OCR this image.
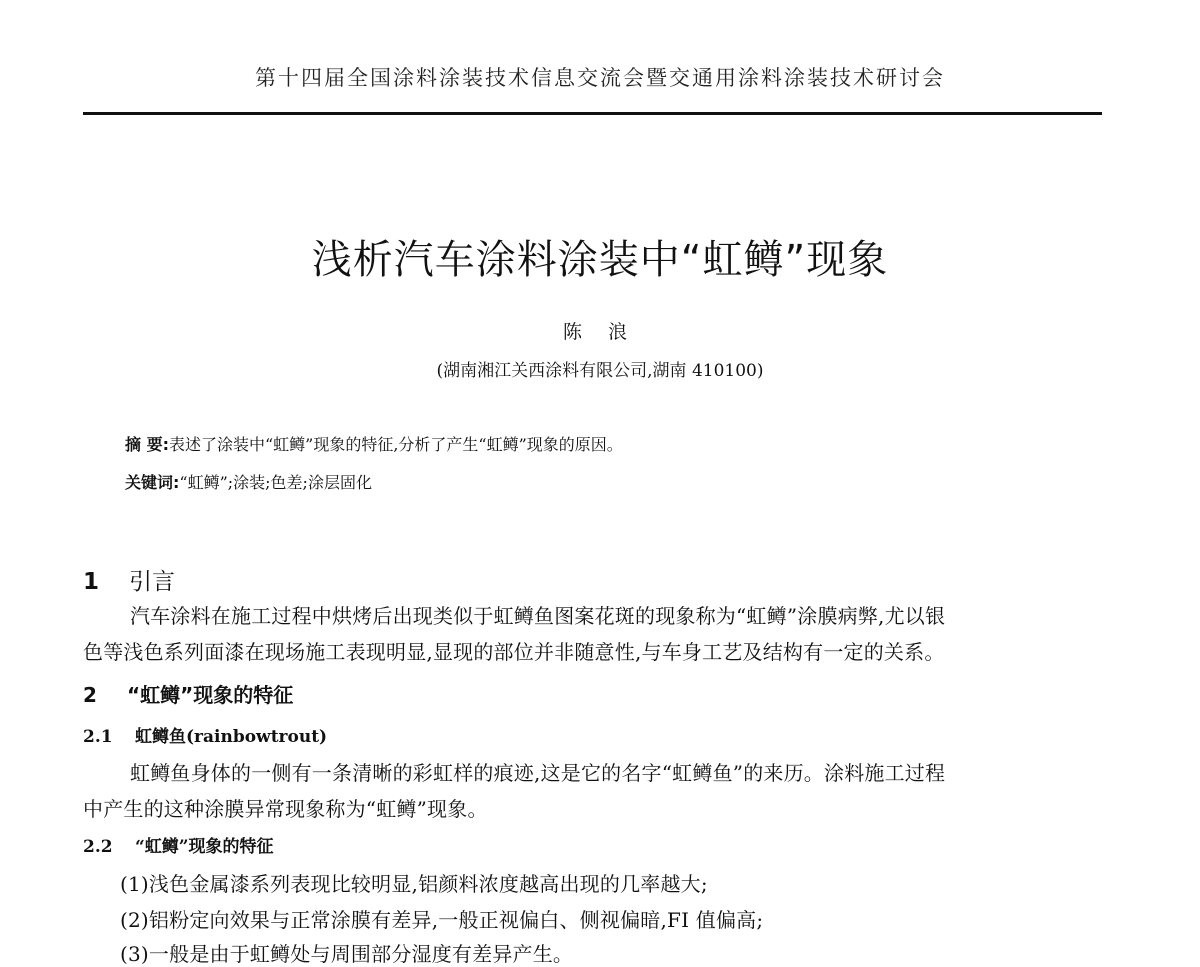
第十四届全国涂料涂装技术信息交流会暨交通用涂料涂装技术研讨会
浅析汽车涂料涂装中“虹鳟”现象
陈 浪
(湖南湘江关西涂料有限公司,湖南 410100)
摘 要:表述了涂装中“虹鳟”现象的特征,分析了产生“虹鳟”现象的原因。
关键词:“虹鳟”;涂装;色差;涂层固化
1 引言
汽车涂料在施工过程中烘烤后出现类似于虹鳟鱼图案花斑的现象称为“虹鳟”涂膜病弊,尤以银
色等浅色系列面漆在现场施工表现明显,显现的部位并非随意性,与车身工艺及结构有一定的关系。
2 “虹鳟”现象的特征
2.1 虹鳟鱼(rainbowtrout)
虹鳟鱼身体的一侧有一条清晰的彩虹样的痕迹,这是它的名字“虹鳟鱼”的来历。涂料施工过程
中产生的这种涂膜异常现象称为“虹鳟”现象。
2.2 “虹鳟”现象的特征
(1)浅色金属漆系列表现比较明显,铝颜料浓度越高出现的几率越大;
(2)铝粉定向效果与正常涂膜有差异,一般正视偏白、侧视偏暗,FI 值偏高;
(3)一般是由于虹鳟处与周围部分湿度有差异产生。
